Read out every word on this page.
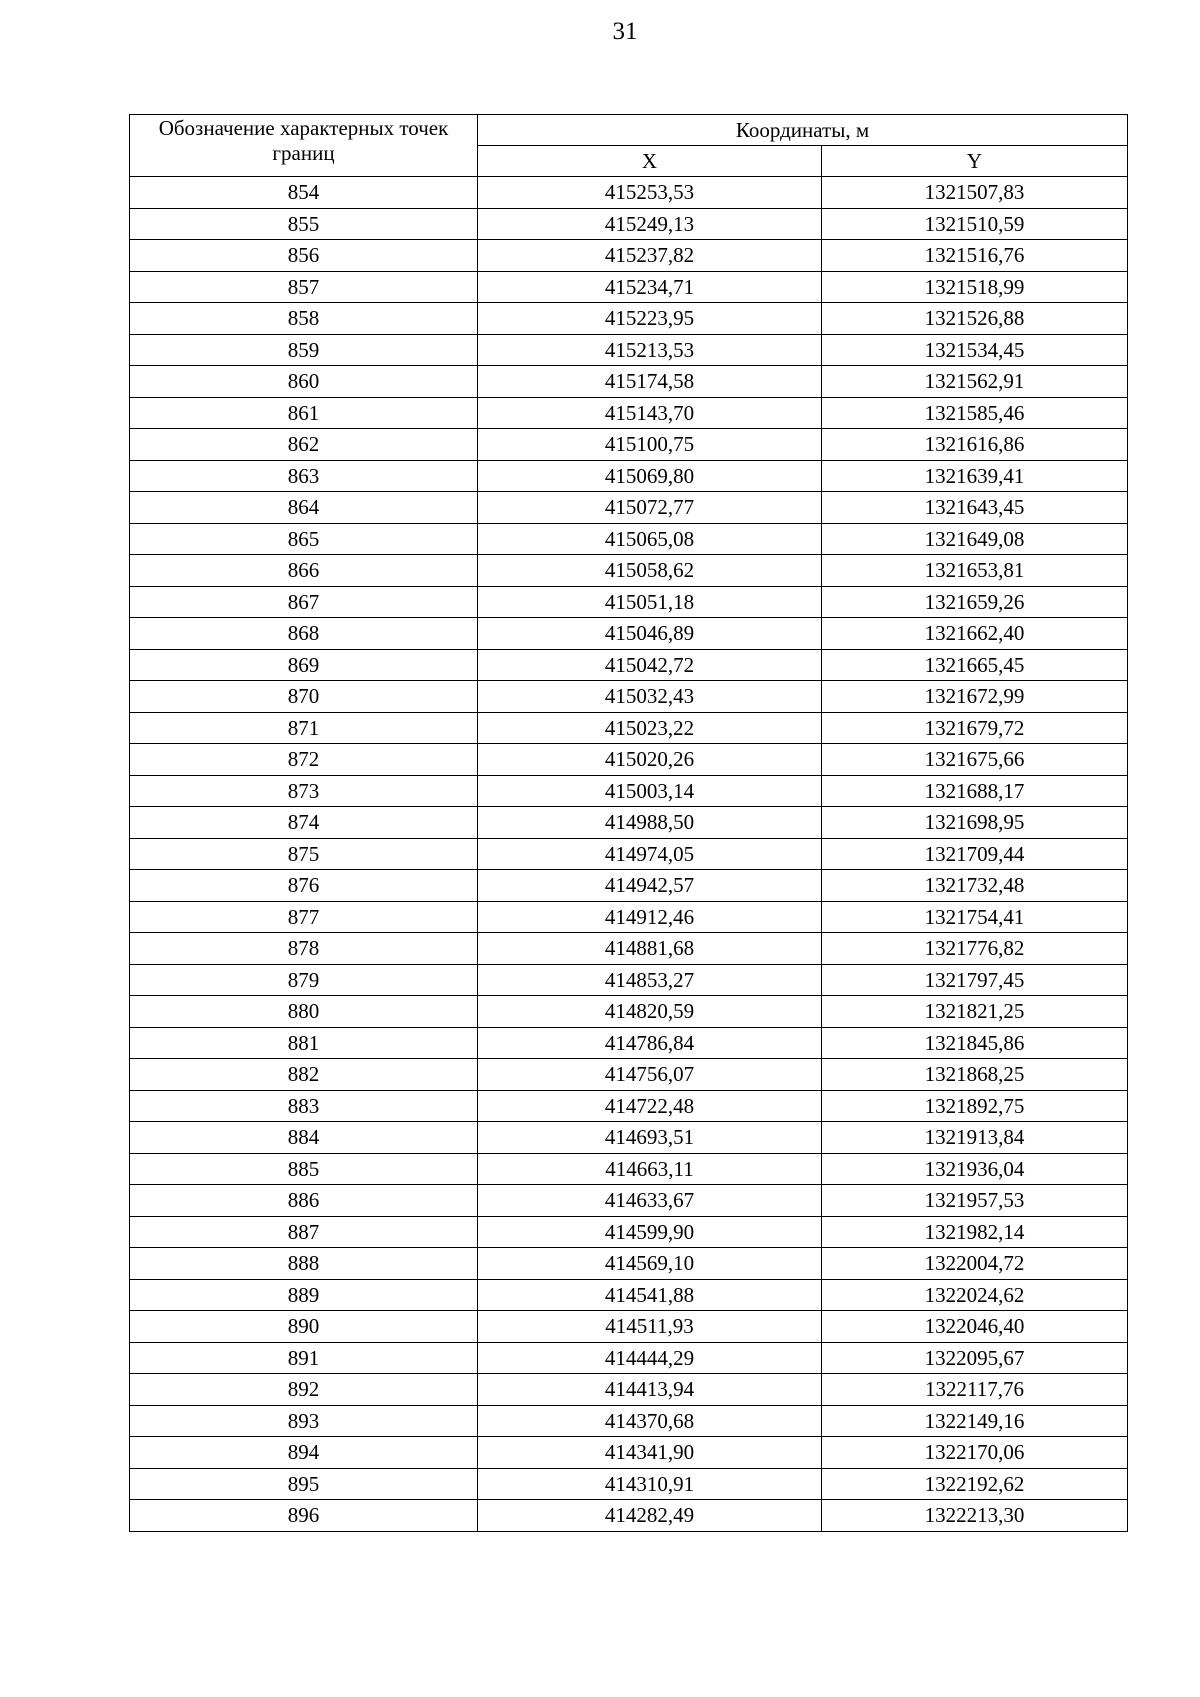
31
Обозначение характерных точек границ	Координаты, м	
	X	Y
854	415253,53	1321507,83
855	415249,13	1321510,59
856	415237,82	1321516,76
857	415234,71	1321518,99
858	415223,95	1321526,88
859	415213,53	1321534,45
860	415174,58	1321562,91
861	415143,70	1321585,46
862	415100,75	1321616,86
863	415069,80	1321639,41
864	415072,77	1321643,45
865	415065,08	1321649,08
866	415058,62	1321653,81
867	415051,18	1321659,26
868	415046,89	1321662,40
869	415042,72	1321665,45
870	415032,43	1321672,99
871	415023,22	1321679,72
872	415020,26	1321675,66
873	415003,14	1321688,17
874	414988,50	1321698,95
875	414974,05	1321709,44
876	414942,57	1321732,48
877	414912,46	1321754,41
878	414881,68	1321776,82
879	414853,27	1321797,45
880	414820,59	1321821,25
881	414786,84	1321845,86
882	414756,07	1321868,25
883	414722,48	1321892,75
884	414693,51	1321913,84
885	414663,11	1321936,04
886	414633,67	1321957,53
887	414599,90	1321982,14
888	414569,10	1322004,72
889	414541,88	1322024,62
890	414511,93	1322046,40
891	414444,29	1322095,67
892	414413,94	1322117,76
893	414370,68	1322149,16
894	414341,90	1322170,06
895	414310,91	1322192,62
896	414282,49	1322213,30
